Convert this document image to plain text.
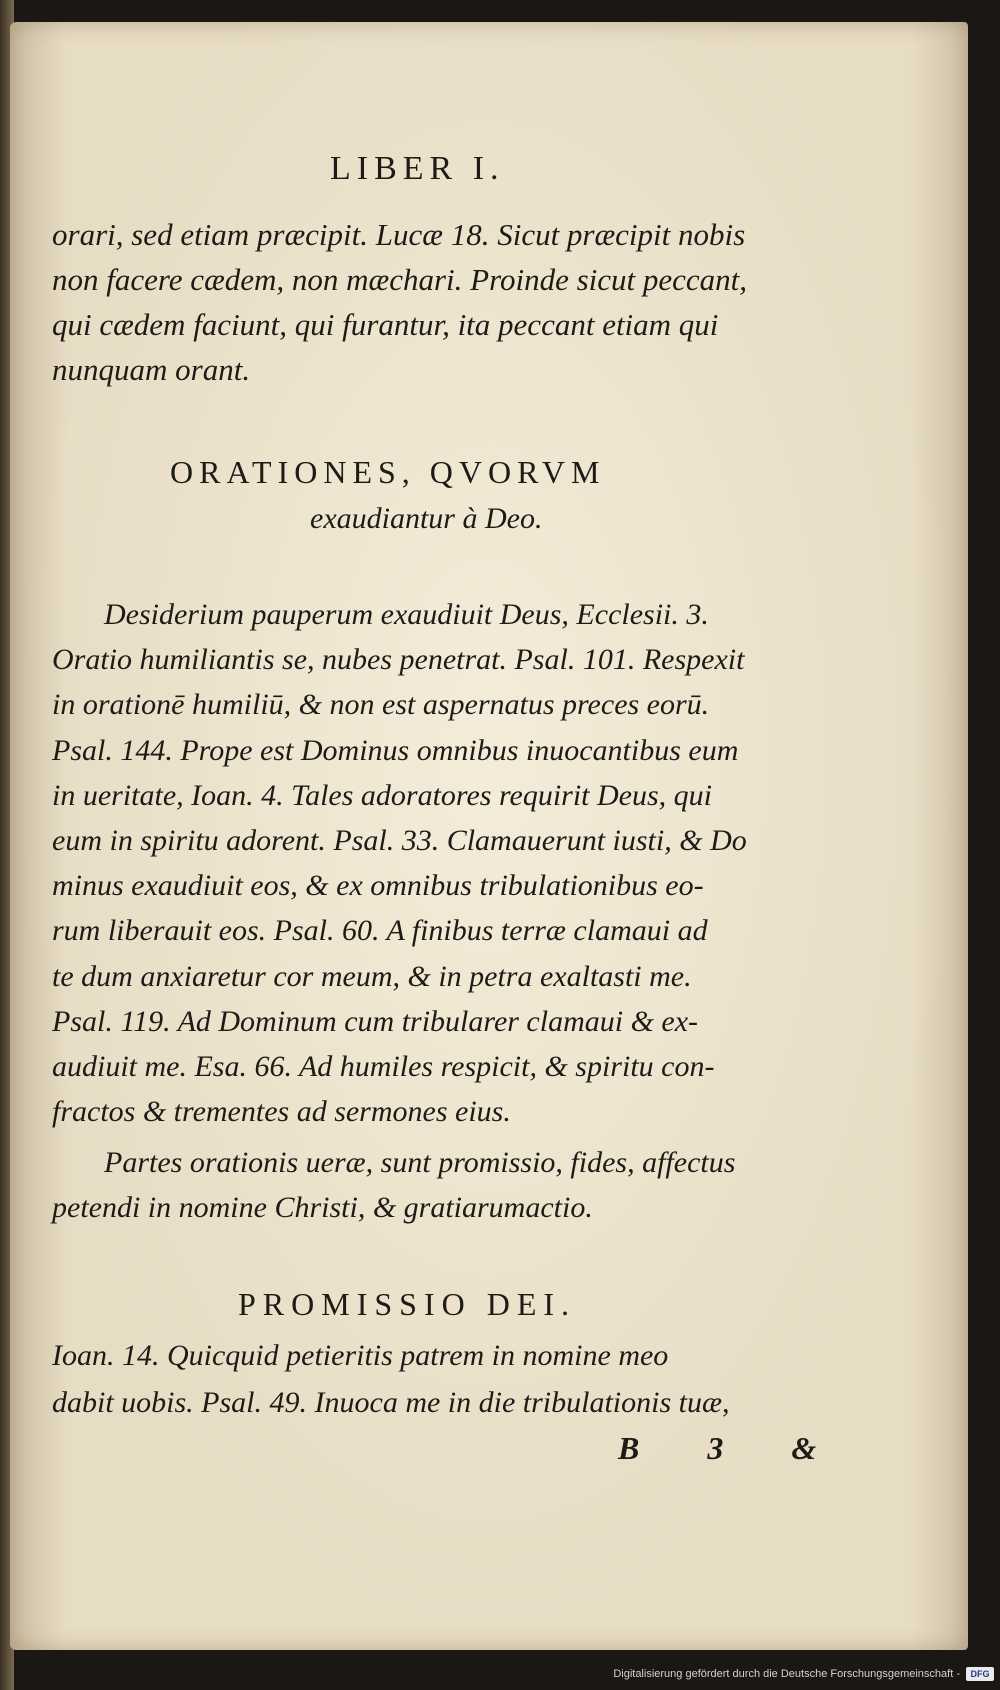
LIBER I.
orari, sed etiam præcipit. Lucæ 18. Sicut præcipit nobis
non facere cædem, non mæchari. Proinde sicut peccant,
qui cædem faciunt, qui furantur, ita peccant etiam qui
nunquam orant.
ORATIONES, QVORVM
exaudiantur à Deo.
Desiderium pauperum exaudiuit Deus, Ecclesii. 3.
Oratio humiliantis se, nubes penetrat. Psal. 101. Respexit
in orationē humiliū, & non est aspernatus preces eorū.
Psal. 144. Prope est Dominus omnibus inuocantibus eum
in ueritate, Ioan. 4. Tales adoratores requirit Deus, qui
eum in spiritu adorent. Psal. 33. Clamauerunt iusti, & Do
minus exaudiuit eos, & ex omnibus tribulationibus eo-
rum liberauit eos. Psal. 60. A finibus terræ clamaui ad
te dum anxiaretur cor meum, & in petra exaltasti me.
Psal. 119. Ad Dominum cum tribularer clamaui & ex-
audiuit me. Esa. 66. Ad humiles respicit, & spiritu con-
fractos & trementes ad sermones eius.
Partes orationis ueræ, sunt promissio, fides, affectus
petendi in nomine Christi, & gratiarumactio.
PROMISSIO DEI.
Ioan. 14. Quicquid petieritis patrem in nomine meo
dabit uobis. Psal. 49. Inuoca me in die tribulationis tuæ,
B 3 &
Digitalisierung gefördert durch die Deutsche Forschungsgemeinschaft -	DFG
